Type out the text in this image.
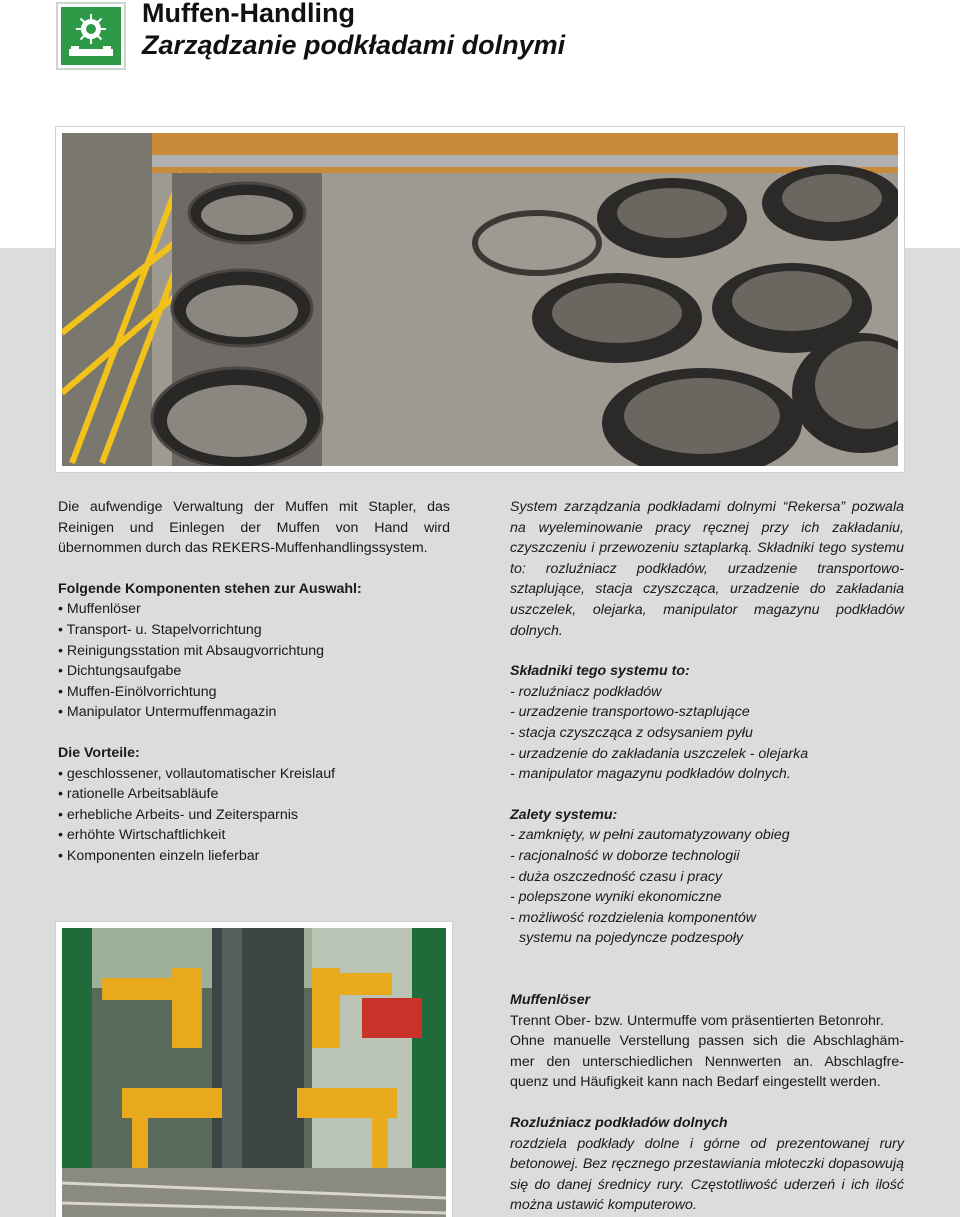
Muffen-Handling
Zarządzanie podkładami dolnymi

Die aufwendige Verwaltung der Muffen mit Stapler, das Reinigen und Einlegen der Muffen von Hand wird übernommen durch das REKERS-Muffenhandlingssystem.

Folgende Komponenten stehen zur Auswahl:

• Muffenlöser

• Transport- u. Stapelvorrichtung

• Reinigungsstation mit Absaugvorrichtung

• Dichtungsaufgabe

• Muffen-Einölvorrichtung

• Manipulator Untermuffenmagazin

Die Vorteile:

• geschlossener, vollautomatischer Kreislauf

• rationelle Arbeitsabläufe

• erhebliche Arbeits- und Zeitersparnis

• erhöhte Wirtschaftlichkeit

• Komponenten einzeln lieferbar

System zarządzania podkładami dolnymi “Rekersa” pozwala na wyeleminowanie pracy ręcznej przy ich zakładaniu, czyszczeniu i przewozeniu sztaplarką. Składniki tego systemu to: rozluźniacz podkładów, urzadzenie transportowo-sztaplujące, stacja czyszcząca, urzadzenie do zakładania uszczelek, olejarka, manipulator magazynu podkładów dolnych.

Składniki tego systemu to:

- rozluźniacz podkładów

- urzadzenie transportowo-sztaplujące

- stacja czyszcząca z odsysaniem pyłu

- urzadzenie do zakładania uszczelek - olejarka

- manipulator magazynu podkładów dolnych.

Zalety systemu:

- zamknięty, w pełni zautomatyzowany obieg

- racjonalność w doborze technologii

- duża oszczedność czasu i pracy

- polepszone wyniki ekonomiczne

- możliwość rozdzielenia komponentów

systemu na pojedyncze podzespoły

Muffenlöser

Trennt Ober- bzw. Untermuffe vom präsentierten Betonrohr.

Ohne manuelle Verstellung passen sich die Abschlaghäm-

mer den unterschiedlichen Nennwerten an. Abschlagfre-

quenz und Häufigkeit kann nach Bedarf eingestellt werden.

Rozluźniacz podkładów dolnych

rozdziela podkłady dolne i górne od prezentowanej rury

betonowej. Bez ręcznego przestawiania młoteczki dopasowują

się do danej średnicy rury. Częstotliwość uderzeń i ich ilość

można ustawić komputerowo.
